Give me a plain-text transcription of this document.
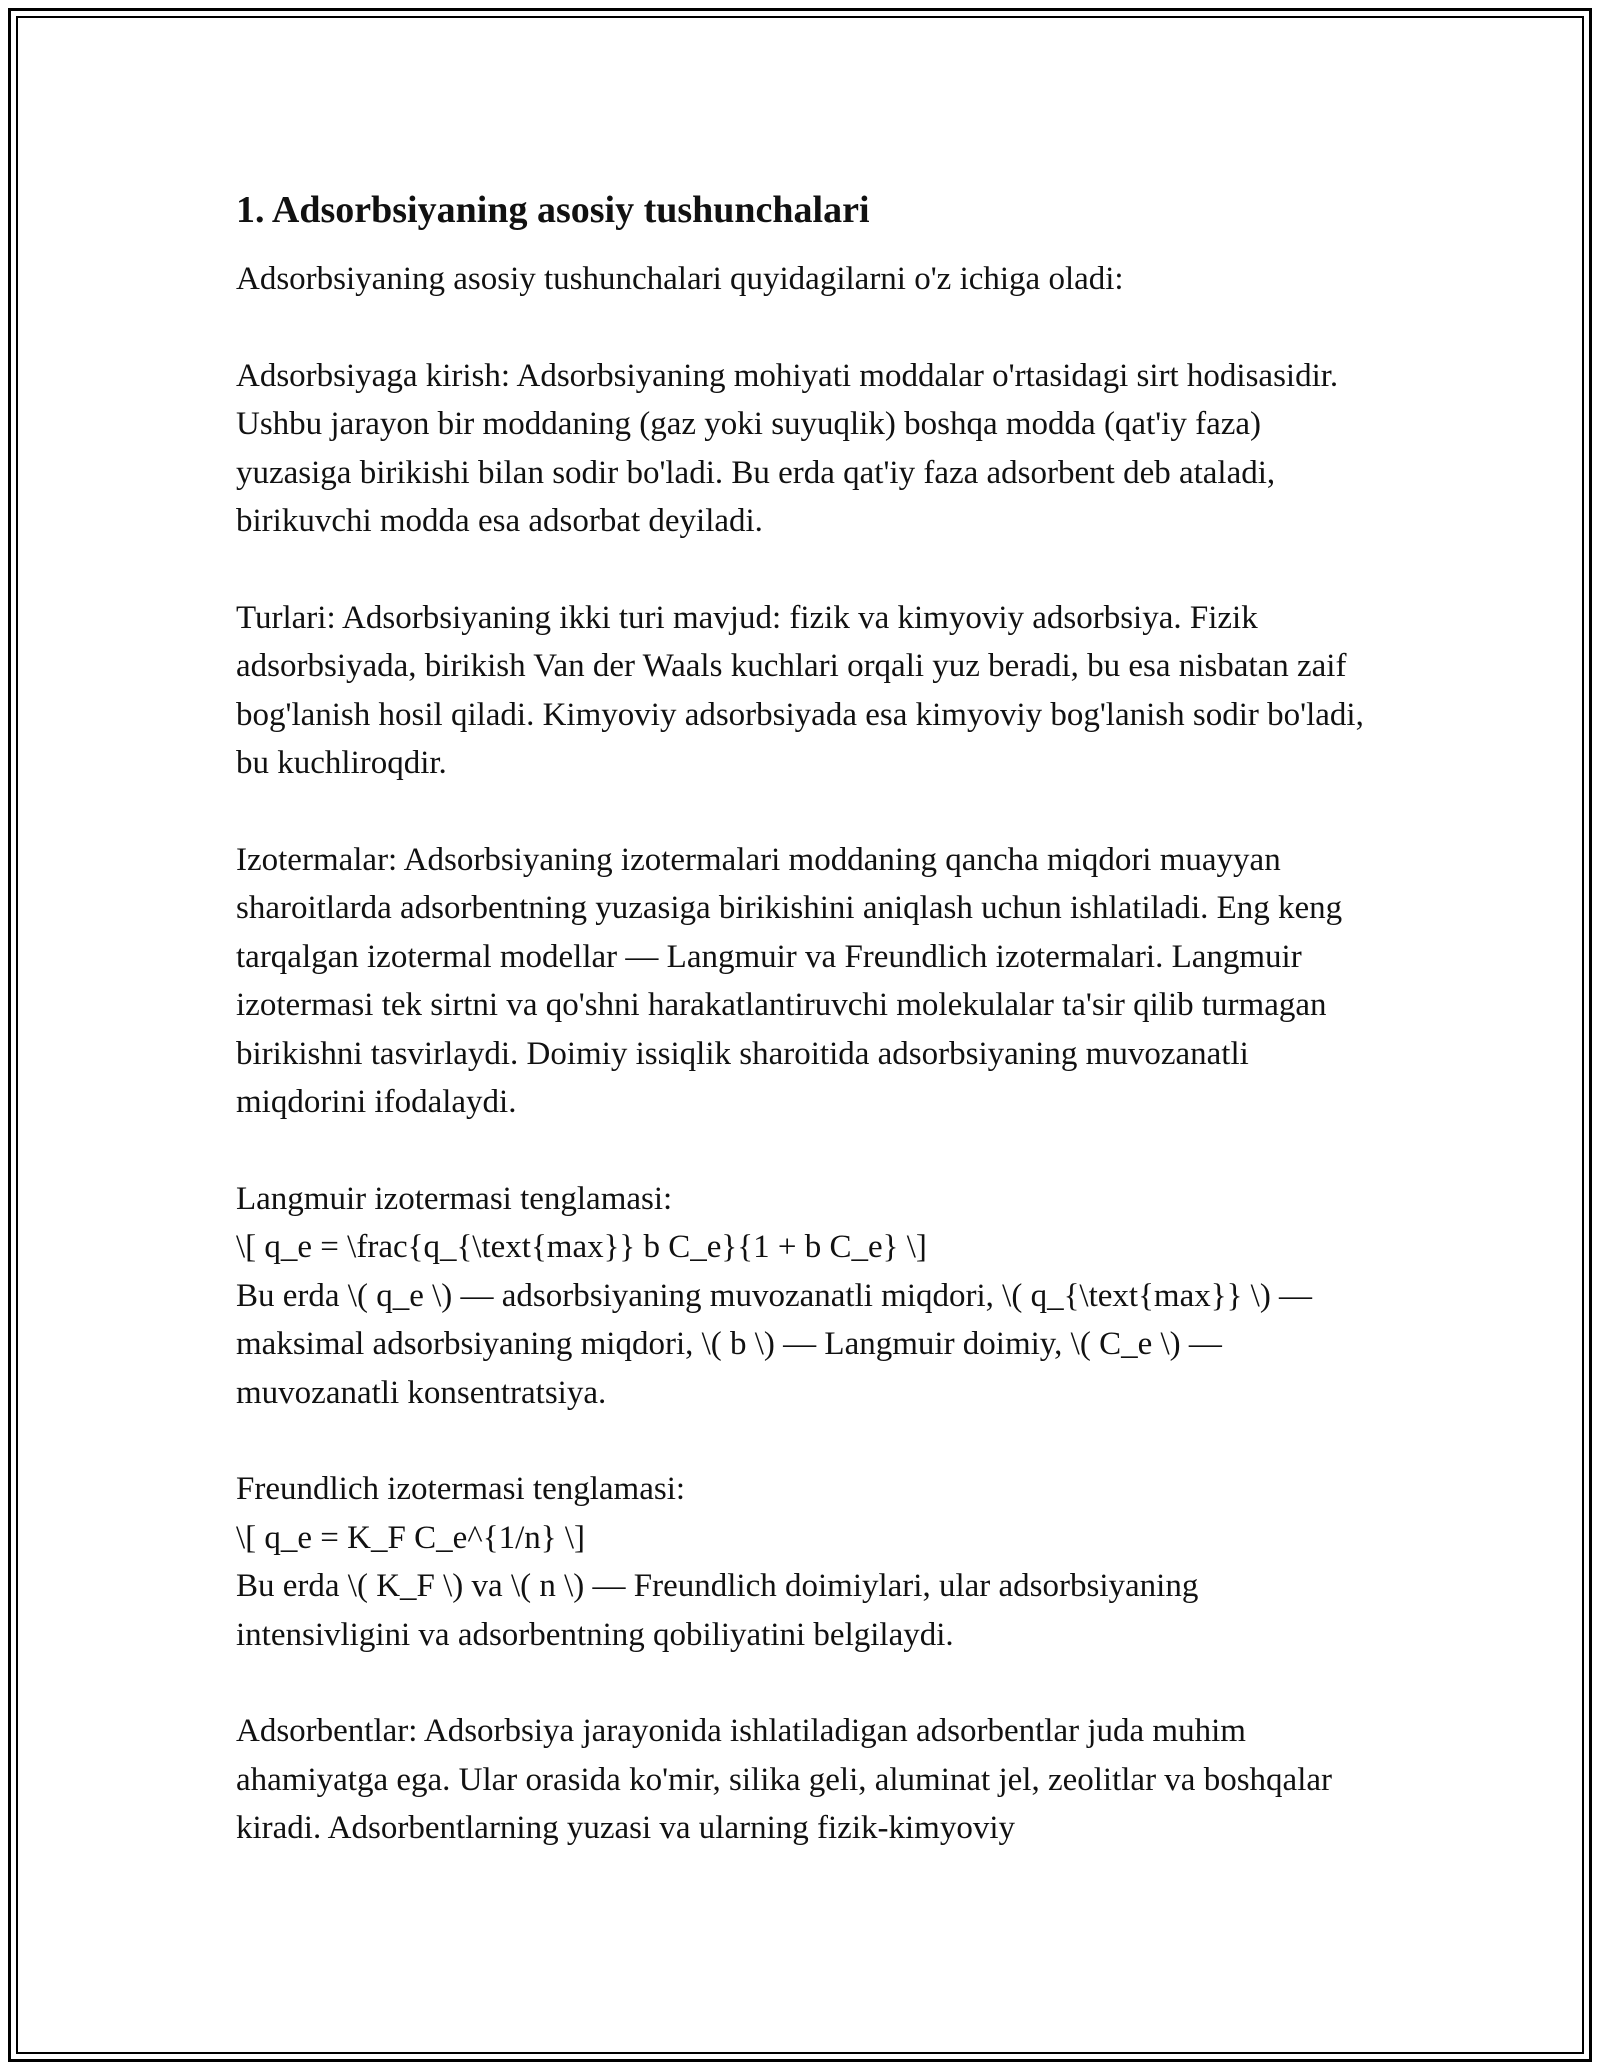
1. Adsorbsiyaning asosiy tushunchalari

Adsorbsiyaning asosiy tushunchalari quyidagilarni o'z ichiga oladi:

Adsorbsiyaga kirish: Adsorbsiyaning mohiyati moddalar o'rtasidagi sirt hodisasidir. Ushbu jarayon bir moddaning (gaz yoki suyuqlik) boshqa modda (qat'iy faza) yuzasiga birikishi bilan sodir bo'ladi. Bu erda qat'iy faza adsorbent deb ataladi, birikuvchi modda esa adsorbat deyiladi.

Turlari: Adsorbsiyaning ikki turi mavjud: fizik va kimyoviy adsorbsiya. Fizik adsorbsiyada, birikish Van der Waals kuchlari orqali yuz beradi, bu esa nisbatan zaif bog'lanish hosil qiladi. Kimyoviy adsorbsiyada esa kimyoviy bog'lanish sodir bo'ladi, bu kuchliroqdir.

Izotermalar: Adsorbsiyaning izotermalari moddaning qancha miqdori muayyan sharoitlarda adsorbentning yuzasiga birikishini aniqlash uchun ishlatiladi. Eng keng tarqalgan izotermal modellar — Langmuir va Freundlich izotermalari. Langmuir izotermasi tek sirtni va qo'shni harakatlantiruvchi molekulalar ta'sir qilib turmagan birikishni tasvirlaydi. Doimiy issiqlik sharoitida adsorbsiyaning muvozanatli miqdorini ifodalaydi.

Langmuir izotermasi tenglamasi:
\[ q_e = \frac{q_{\text{max}} b C_e}{1 + b C_e} \]
Bu erda \( q_e \) — adsorbsiyaning muvozanatli miqdori, \( q_{\text{max}} \) — maksimal adsorbsiyaning miqdori, \( b \) — Langmuir doimiy, \( C_e \) — muvozanatli konsentratsiya.
Freundlich izotermasi tenglamasi:
\[ q_e = K_F C_e^{1/n} \]
Bu erda \( K_F \) va \( n \) — Freundlich doimiylari, ular adsorbsiyaning intensivligini va adsorbentning qobiliyatini belgilaydi.

Adsorbentlar: Adsorbsiya jarayonida ishlatiladigan adsorbentlar juda muhim ahamiyatga ega. Ular orasida ko'mir, silika geli, aluminat jel, zeolitlar va boshqalar kiradi. Adsorbentlarning yuzasi va ularning fizik-kimyoviy
